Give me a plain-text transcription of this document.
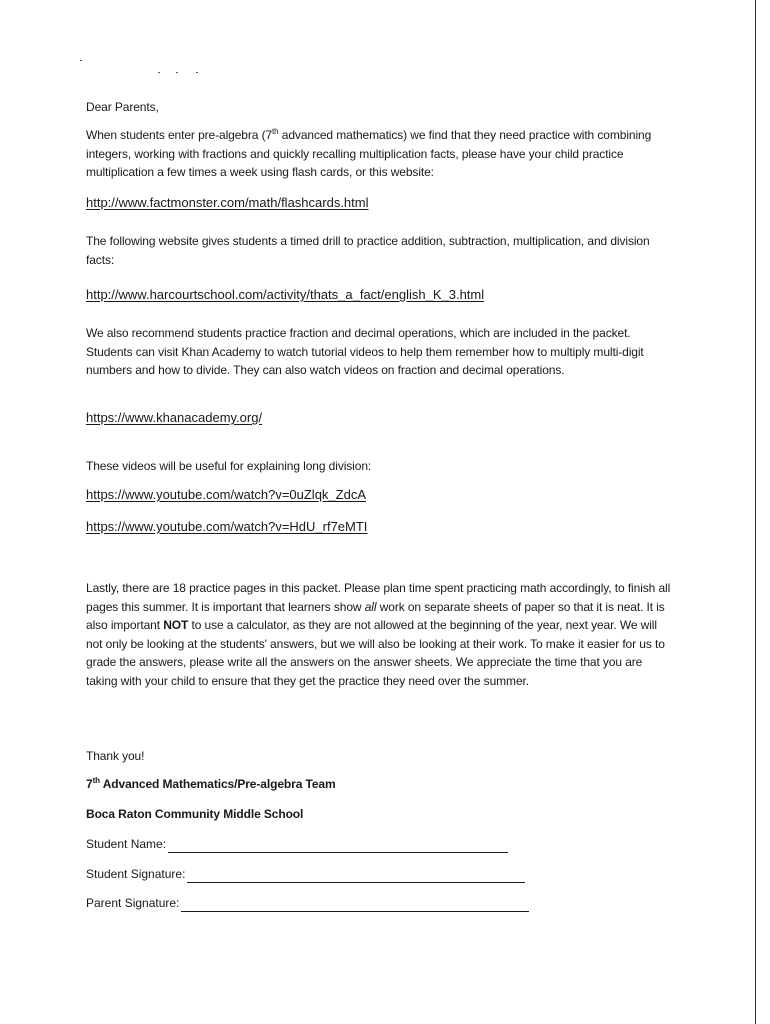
Dear Parents,
When students enter pre-algebra (7th advanced mathematics) we find that they need practice with combining integers, working with fractions and quickly recalling multiplication facts, please have your child practice multiplication a few times a week using flash cards, or this website:
http://www.factmonster.com/math/flashcards.html
The following website gives students a timed drill to practice addition, subtraction, multiplication, and division facts:
http://www.harcourtschool.com/activity/thats_a_fact/english_K_3.html
We also recommend students practice fraction and decimal operations, which are included in the packet. Students can visit Khan Academy to watch tutorial videos to help them remember how to multiply multi-digit numbers and how to divide. They can also watch videos on fraction and decimal operations.
https://www.khanacademy.org/
These videos will be useful for explaining long division:
https://www.youtube.com/watch?v=0uZlqk_ZdcA
https://www.youtube.com/watch?v=HdU_rf7eMTI
Lastly, there are 18 practice pages in this packet. Please plan time spent practicing math accordingly, to finish all pages this summer. It is important that learners show all work on separate sheets of paper so that it is neat. It is also important NOT to use a calculator, as they are not allowed at the beginning of the year, next year. We will not only be looking at the students' answers, but we will also be looking at their work. To make it easier for us to grade the answers, please write all the answers on the answer sheets. We appreciate the time that you are taking with your child to ensure that they get the practice they need over the summer.
Thank you!
7th Advanced Mathematics/Pre-algebra Team
Boca Raton Community Middle School
Student Name:
Student Signature:
Parent Signature:
